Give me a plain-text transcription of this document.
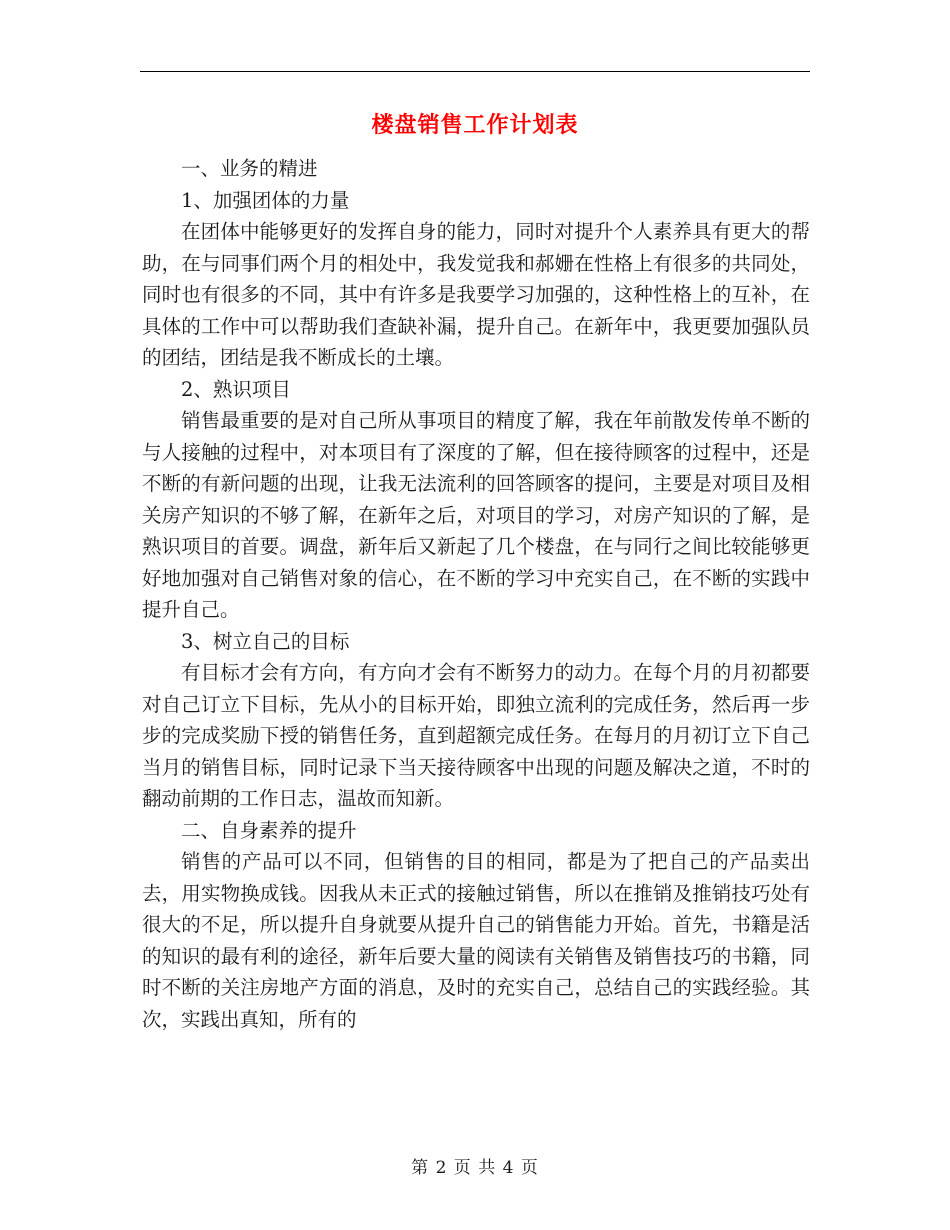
楼盘销售工作计划表

一、业务的精进

1、加强团体的力量

在团体中能够更好的发挥自身的能力，同时对提升个人素养具有更大的帮助，在与同事们两个月的相处中，我发觉我和郝姗在性格上有很多的共同处，同时也有很多的不同，其中有许多是我要学习加强的，这种性格上的互补，在具体的工作中可以帮助我们查缺补漏，提升自己。在新年中，我更要加强队员的团结，团结是我不断成长的土壤。

2、熟识项目

销售最重要的是对自己所从事项目的精度了解，我在年前散发传单不断的与人接触的过程中，对本项目有了深度的了解，但在接待顾客的过程中，还是不断的有新问题的出现，让我无法流利的回答顾客的提问，主要是对项目及相关房产知识的不够了解，在新年之后，对项目的学习，对房产知识的了解，是熟识项目的首要。调盘，新年后又新起了几个楼盘，在与同行之间比较能够更好地加强对自己销售对象的信心，在不断的学习中充实自己，在不断的实践中提升自己。

3、树立自己的目标

有目标才会有方向，有方向才会有不断努力的动力。在每个月的月初都要对自己订立下目标，先从小的目标开始，即独立流利的完成任务，然后再一步步的完成奖励下授的销售任务，直到超额完成任务。在每月的月初订立下自己当月的销售目标，同时记录下当天接待顾客中出现的问题及解决之道，不时的翻动前期的工作日志，温故而知新。

二、自身素养的提升

销售的产品可以不同，但销售的目的相同，都是为了把自己的产品卖出去，用实物换成钱。因我从未正式的接触过销售，所以在推销及推销技巧处有很大的不足，所以提升自身就要从提升自己的销售能力开始。首先，书籍是活的知识的最有利的途径，新年后要大量的阅读有关销售及销售技巧的书籍，同时不断的关注房地产方面的消息，及时的充实自己，总结自己的实践经验。其次，实践出真知，所有的

第 2 页 共 4 页
